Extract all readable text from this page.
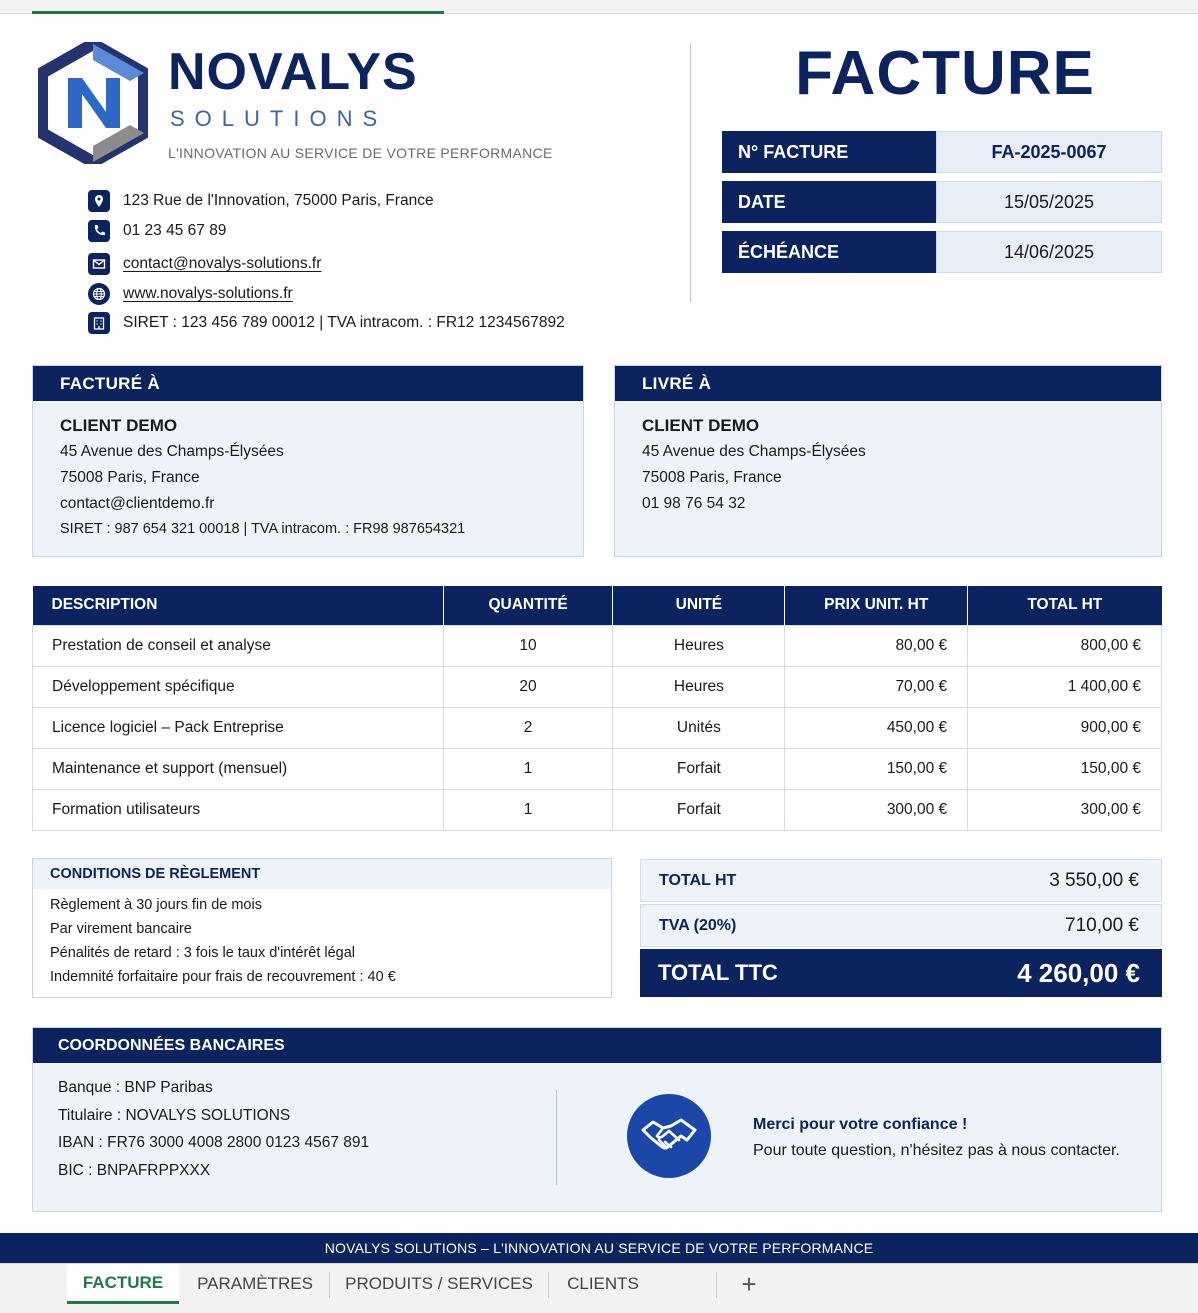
NOVALYS
SOLUTIONS
L'INNOVATION AU SERVICE DE VOTRE PERFORMANCE
123 Rue de l'Innovation, 75000 Paris, France
01 23 45 67 89
contact@novalys-solutions.fr
www.novalys-solutions.fr
SIRET : 123 456 789 00012 | TVA intracom. : FR12 1234567892
FACTURE
N° FACTURE	FA-2025-0067
DATE	15/05/2025
ÉCHÉANCE	14/06/2025
FACTURÉ À
CLIENT DEMO
45 Avenue des Champs-Élysées
75008 Paris, France
contact@clientdemo.fr
SIRET : 987 654 321 00018 | TVA intracom. : FR98 987654321
LIVRÉ À
CLIENT DEMO
45 Avenue des Champs-Élysées
75008 Paris, France
01 98 76 54 32
DESCRIPTION	QUANTITÉ	UNITÉ	PRIX UNIT. HT	TOTAL HT
Prestation de conseil et analyse	10	Heures	80,00 €	800,00 €
Développement spécifique	20	Heures	70,00 €	1 400,00 €
Licence logiciel – Pack Entreprise	2	Unités	450,00 €	900,00 €
Maintenance et support (mensuel)	1	Forfait	150,00 €	150,00 €
Formation utilisateurs	1	Forfait	300,00 €	300,00 €
CONDITIONS DE RÈGLEMENT
Règlement à 30 jours fin de mois
Par virement bancaire
Pénalités de retard : 3 fois le taux d'intérêt légal
Indemnité forfaitaire pour frais de recouvrement : 40 €
TOTAL HT	3 550,00 €
TVA (20%)	710,00 €
TOTAL TTC	4 260,00 €
COORDONNÉES BANCAIRES
Banque : BNP Paribas
Titulaire : NOVALYS SOLUTIONS
IBAN : FR76 3000 4008 2800 0123 4567 891
BIC : BNPAFRPPXXX
Merci pour votre confiance !
Pour toute question, n'hésitez pas à nous contacter.
NOVALYS SOLUTIONS – L'INNOVATION AU SERVICE DE VOTRE PERFORMANCE
FACTURE	PARAMÈTRES	PRODUITS / SERVICES	CLIENTS	+
